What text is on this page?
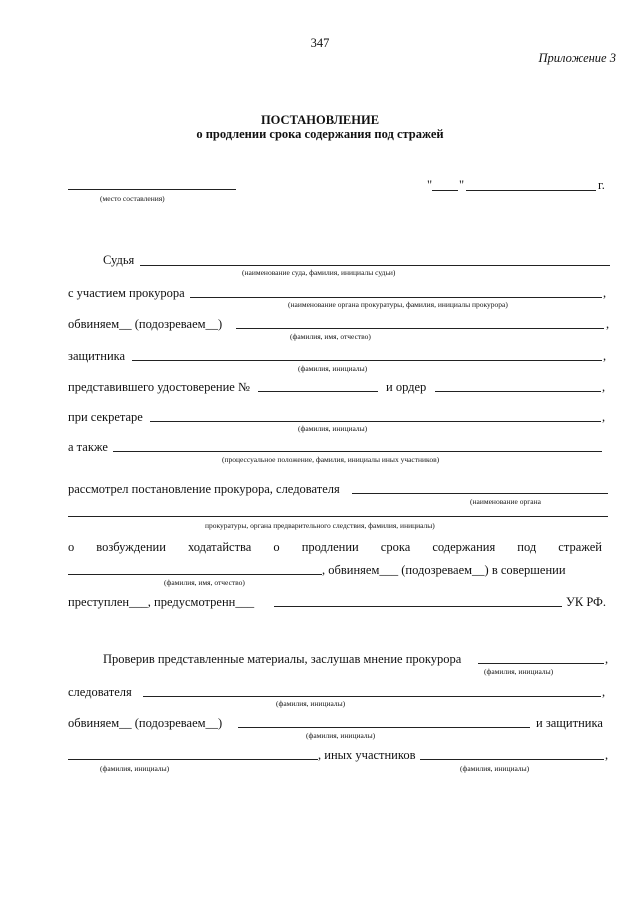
347
Приложение 3
ПОСТАНОВЛЕНИЕ
о продлении срока содержания под стражей
(место составления)
" "	г.
Судья
(наименование суда, фамилия, инициалы судьи)
с участием прокурора	,
(наименование органа прокуратуры, фамилия, инициалы прокурора)
обвиняем__ (подозреваем__)	,
(фамилия, имя, отчество)
защитника	,
(фамилия, инициалы)
представившего удостоверение №	и ордер	,
при секретаре	,
(фамилия, инициалы)
а также
(процессуальное положение, фамилия, инициалы иных участников)
рассмотрел постановление прокурора, следователя
(наименование органа
прокуратуры, органа предварительного следствия, фамилия, инициалы)
о возбуждении ходатайства о продлении срока содержания под стражей
, обвиняем___ (подозреваем__) в совершении
(фамилия, имя, отчество)
преступлен___, предусмотренн___	УК РФ.
Проверив представленные материалы, заслушав мнение прокурора	,
(фамилия, инициалы)
следователя	,
(фамилия, инициалы)
обвиняем__ (подозреваем__)	и защитника
(фамилия, инициалы)
, иных участников	,
(фамилия, инициалы)	(фамилия, инициалы)
